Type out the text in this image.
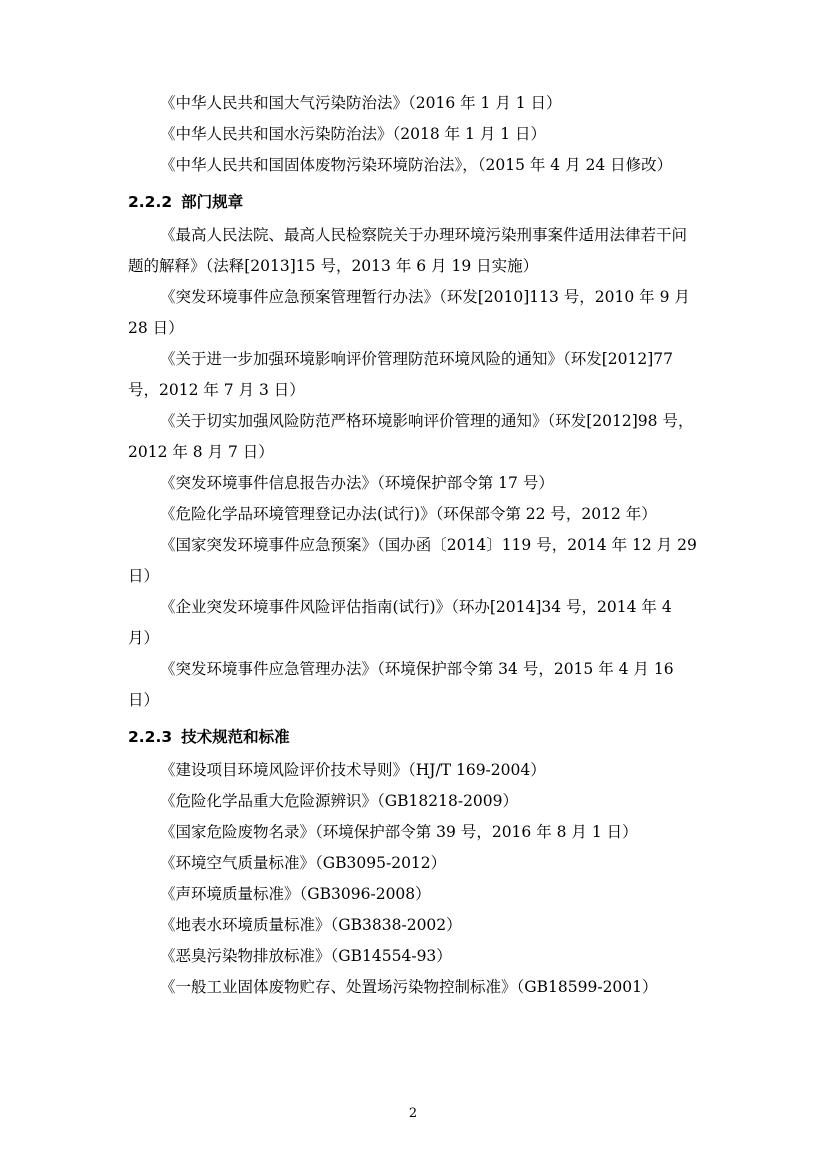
《中华人民共和国大气污染防治法》（2016 年 1 月 1 日）

《中华人民共和国水污染防治法》（2018 年 1 月 1 日）

《中华人民共和国固体废物污染环境防治法》，（2015 年 4 月 24 日修改）

2.2.2 部门规章

《最高人民法院、最高人民检察院关于办理环境污染刑事案件适用法律若干问题的解释》（法释[2013]15 号，2013 年 6 月 19 日实施）

《突发环境事件应急预案管理暂行办法》（环发[2010]113 号，2010 年 9 月 28 日）

《关于进一步加强环境影响评价管理防范环境风险的通知》（环发[2012]77 号，2012 年 7 月 3 日）

《关于切实加强风险防范严格环境影响评价管理的通知》（环发[2012]98 号，2012 年 8 月 7 日）

《突发环境事件信息报告办法》（环境保护部令第 17 号）

《危险化学品环境管理登记办法(试行)》（环保部令第 22 号，2012 年）

《国家突发环境事件应急预案》（国办函〔2014〕119 号，2014 年 12 月 29 日）

《企业突发环境事件风险评估指南(试行)》（环办[2014]34 号，2014 年 4 月）

《突发环境事件应急管理办法》（环境保护部令第 34 号，2015 年 4 月 16 日）

2.2.3 技术规范和标准

《建设项目环境风险评价技术导则》（HJ/T 169-2004）

《危险化学品重大危险源辨识》（GB18218-2009）

《国家危险废物名录》（环境保护部令第 39 号，2016 年 8 月 1 日）

《环境空气质量标准》（GB3095-2012）

《声环境质量标准》（GB3096-2008）

《地表水环境质量标准》（GB3838-2002）

《恶臭污染物排放标准》（GB14554-93）

《一般工业固体废物贮存、处置场污染物控制标准》（GB18599-2001）

2
